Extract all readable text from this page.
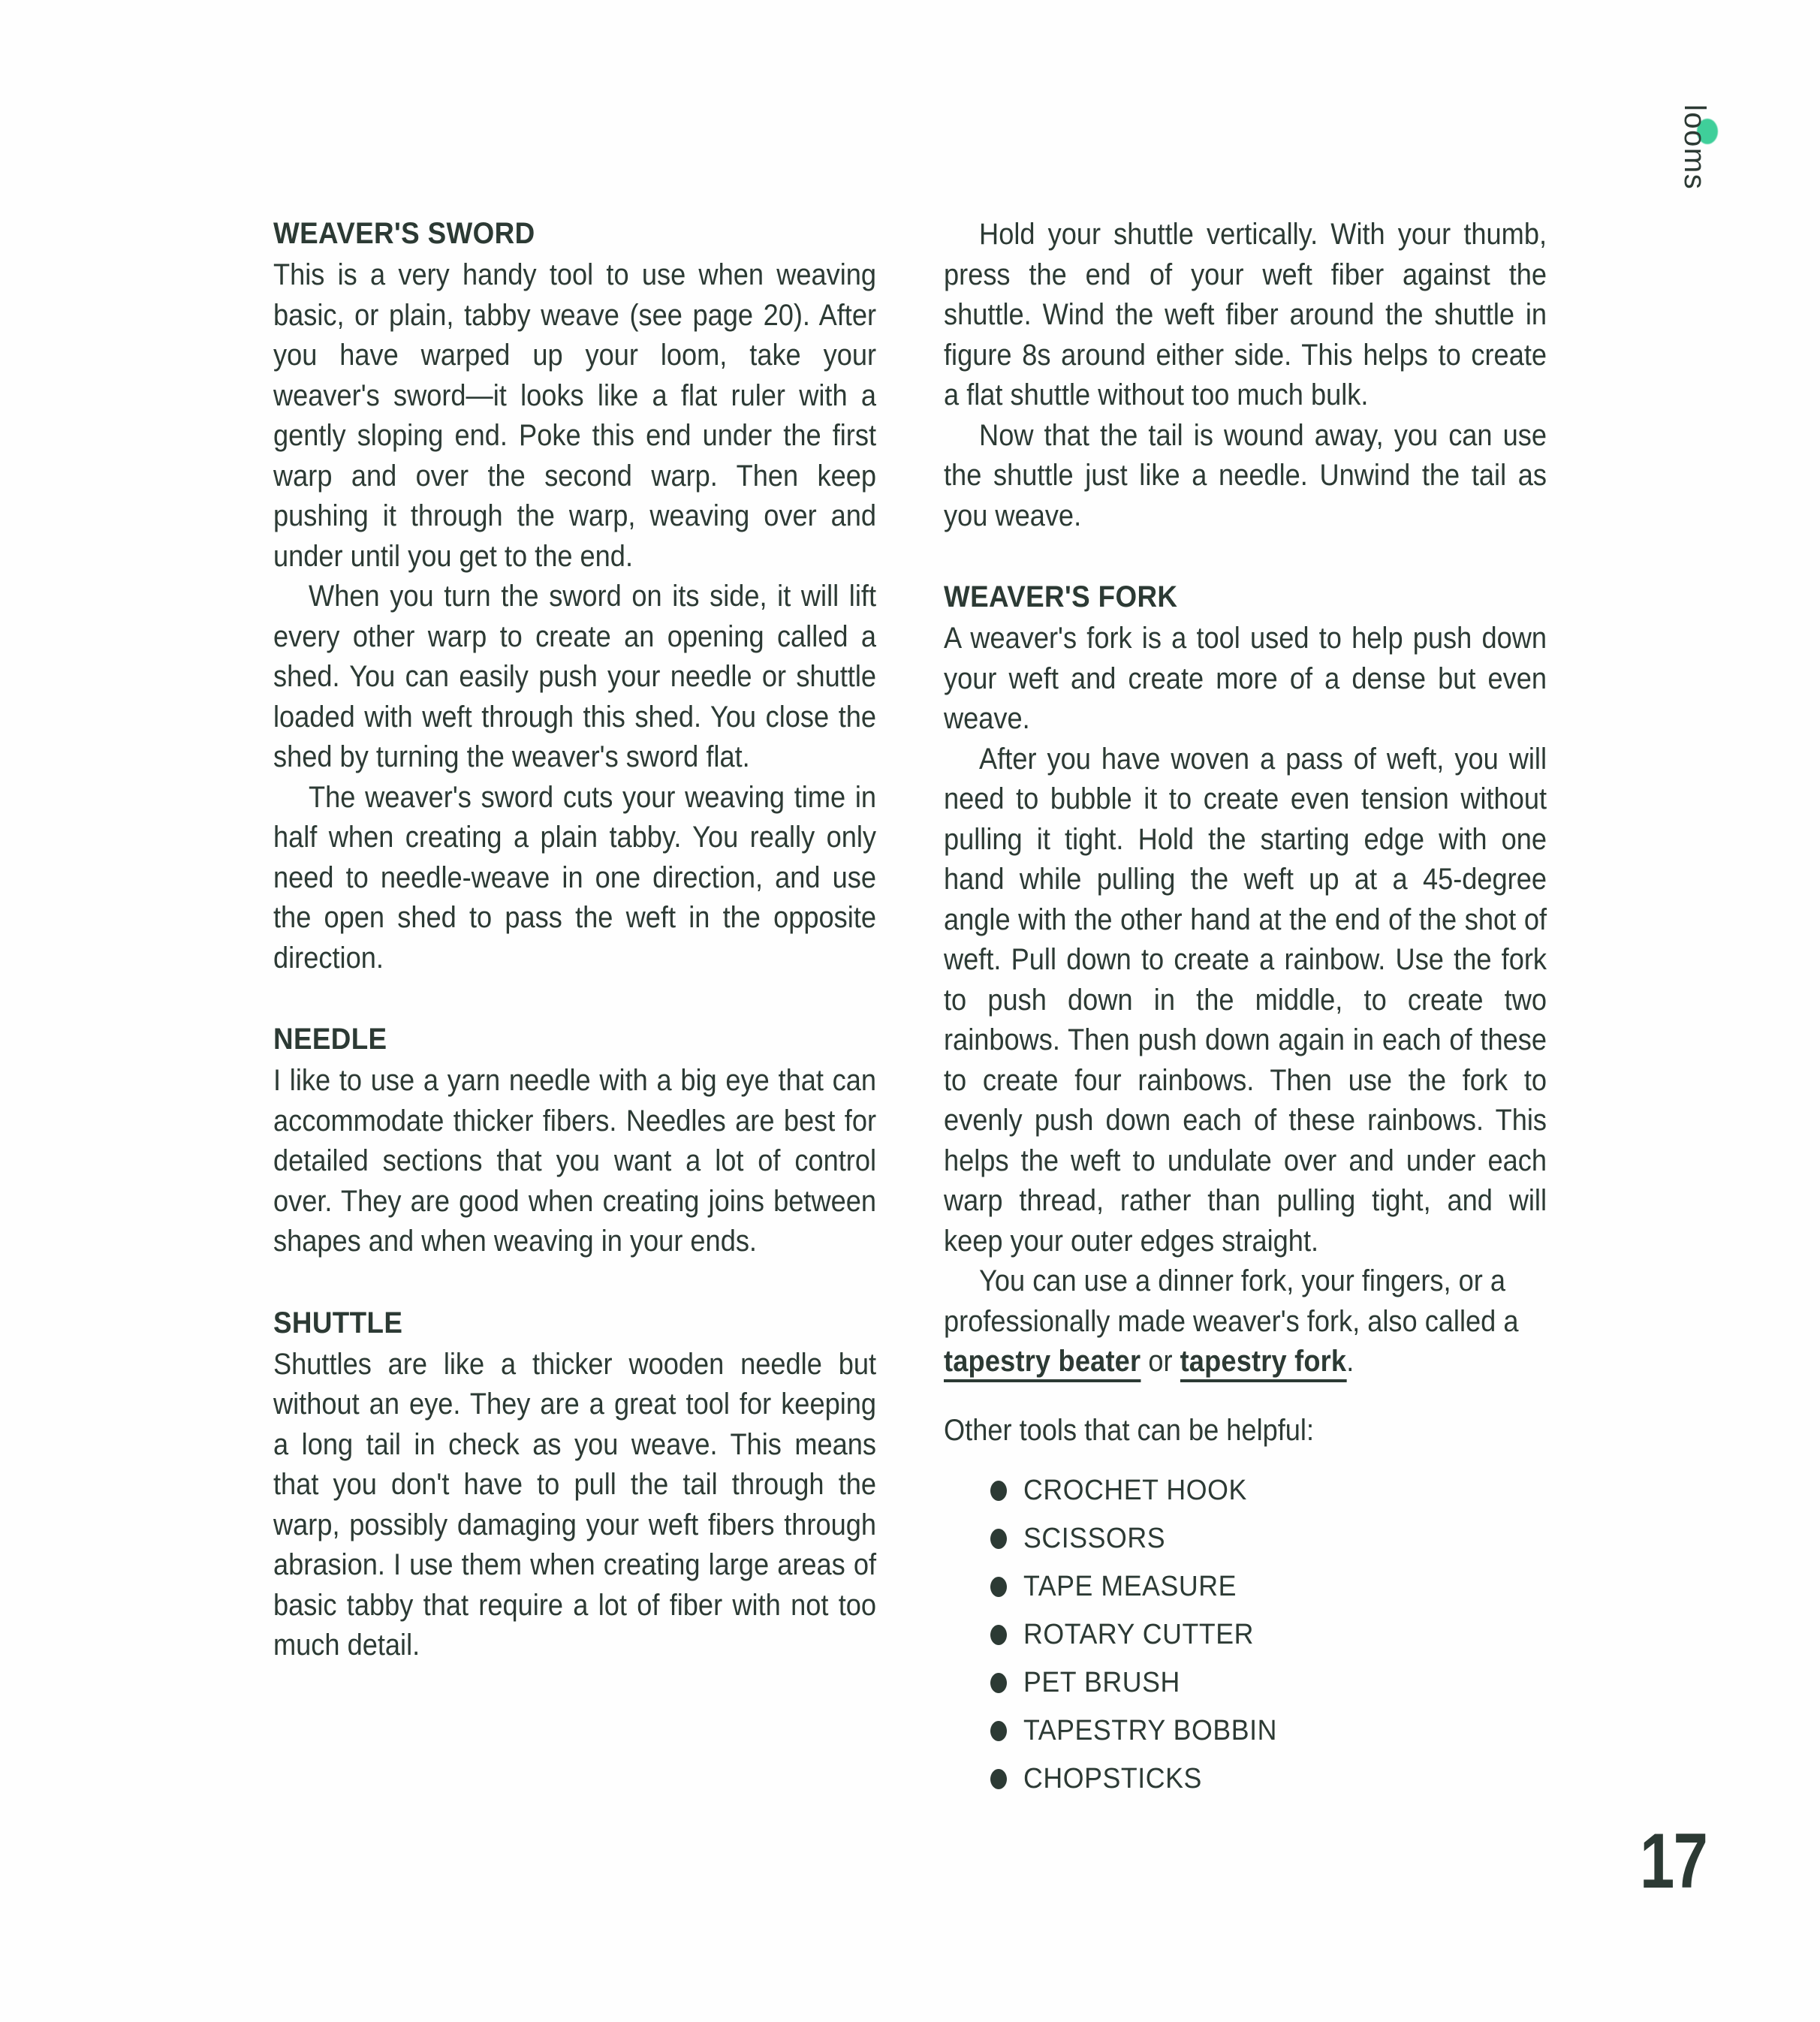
looms
WEAVER'S SWORD

This is a very handy tool to use when weaving basic, or plain, tabby weave (see page 20). After you have warped up your loom, take your weaver's sword—it looks like a flat ruler with a gently sloping end. Poke this end under the first warp and over the second warp. Then keep pushing it through the warp, weaving over and under until you get to the end.

When you turn the sword on its side, it will lift every other warp to create an opening called a shed. You can easily push your needle or shuttle loaded with weft through this shed. You close the shed by turning the weaver's sword flat.

The weaver's sword cuts your weaving time in half when creating a plain tabby. You really only need to needle-weave in one direction, and use the open shed to pass the weft in the opposite direction.

NEEDLE

I like to use a yarn needle with a big eye that can accommodate thicker fibers. Needles are best for detailed sections that you want a lot of control over. They are good when creating joins between shapes and when weaving in your ends.

SHUTTLE

Shuttles are like a thicker wooden needle but without an eye. They are a great tool for keeping a long tail in check as you weave. This means that you don't have to pull the tail through the warp, possibly damaging your weft fibers through abrasion. I use them when creating large areas of basic tabby that require a lot of fiber with not too much detail.

Hold your shuttle vertically. With your thumb, press the end of your weft fiber against the shuttle. Wind the weft fiber around the shuttle in figure 8s around either side. This helps to create a flat shuttle without too much bulk.

Now that the tail is wound away, you can use the shuttle just like a needle. Unwind the tail as you weave.

WEAVER'S FORK

A weaver's fork is a tool used to help push down your weft and create more of a dense but even weave.

After you have woven a pass of weft, you will need to bubble it to create even tension without pulling it tight. Hold the starting edge with one hand while pulling the weft up at a 45-degree angle with the other hand at the end of the shot of weft. Pull down to create a rainbow. Use the fork to push down in the middle, to create two rainbows. Then push down again in each of these to create four rainbows. Then use the fork to evenly push down each of these rainbows. This helps the weft to undulate over and under each warp thread, rather than pulling tight, and will keep your outer edges straight.

You can use a dinner fork, your fingers, or a professionally made weaver's fork, also called a tapestry beater or tapestry fork.

Other tools that can be helpful:

CROCHET HOOK
SCISSORS
TAPE MEASURE
ROTARY CUTTER
PET BRUSH
TAPESTRY BOBBIN
CHOPSTICKS
17
